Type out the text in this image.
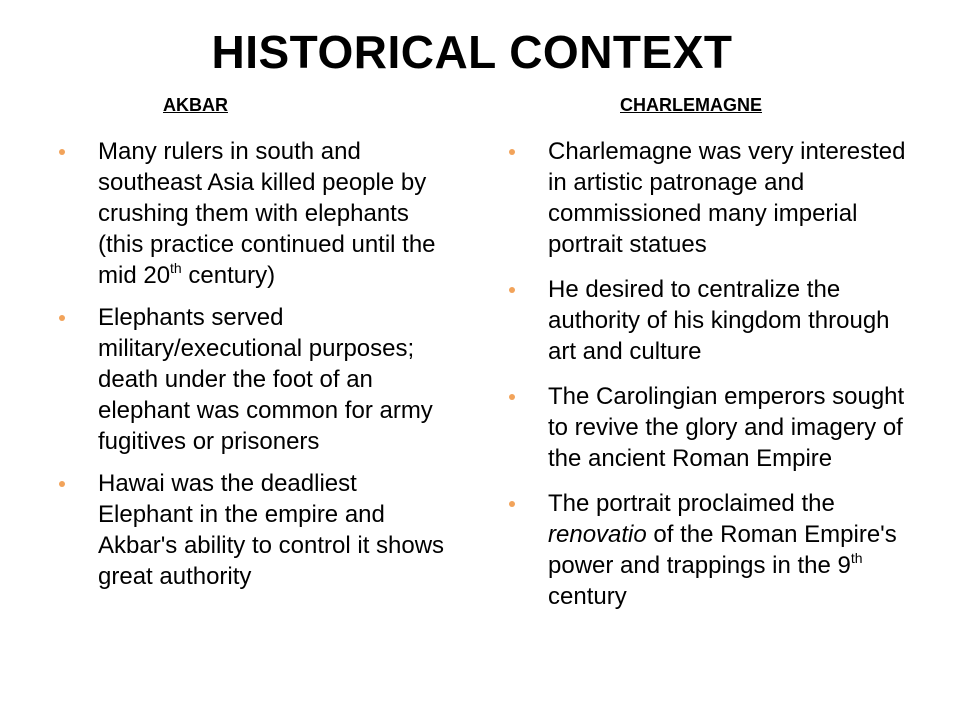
HISTORICAL CONTEXT
AKBAR	CHARLEMAGNE
Many rulers in south and southeast Asia killed people by crushing them with elephants (this practice continued until the mid 20th century)
Elephants served military/executional purposes; death under the foot of an elephant was common for army fugitives or prisoners
Hawai was the deadliest Elephant in the empire and Akbar's ability to control it shows great authority
Charlemagne was very interested in artistic patronage and commissioned many imperial portrait statues
He desired to centralize the authority of his kingdom through art and culture
The Carolingian emperors sought to revive the glory and imagery of the ancient Roman Empire
The portrait proclaimed the renovatio of the Roman Empire's power and trappings in the 9th century
